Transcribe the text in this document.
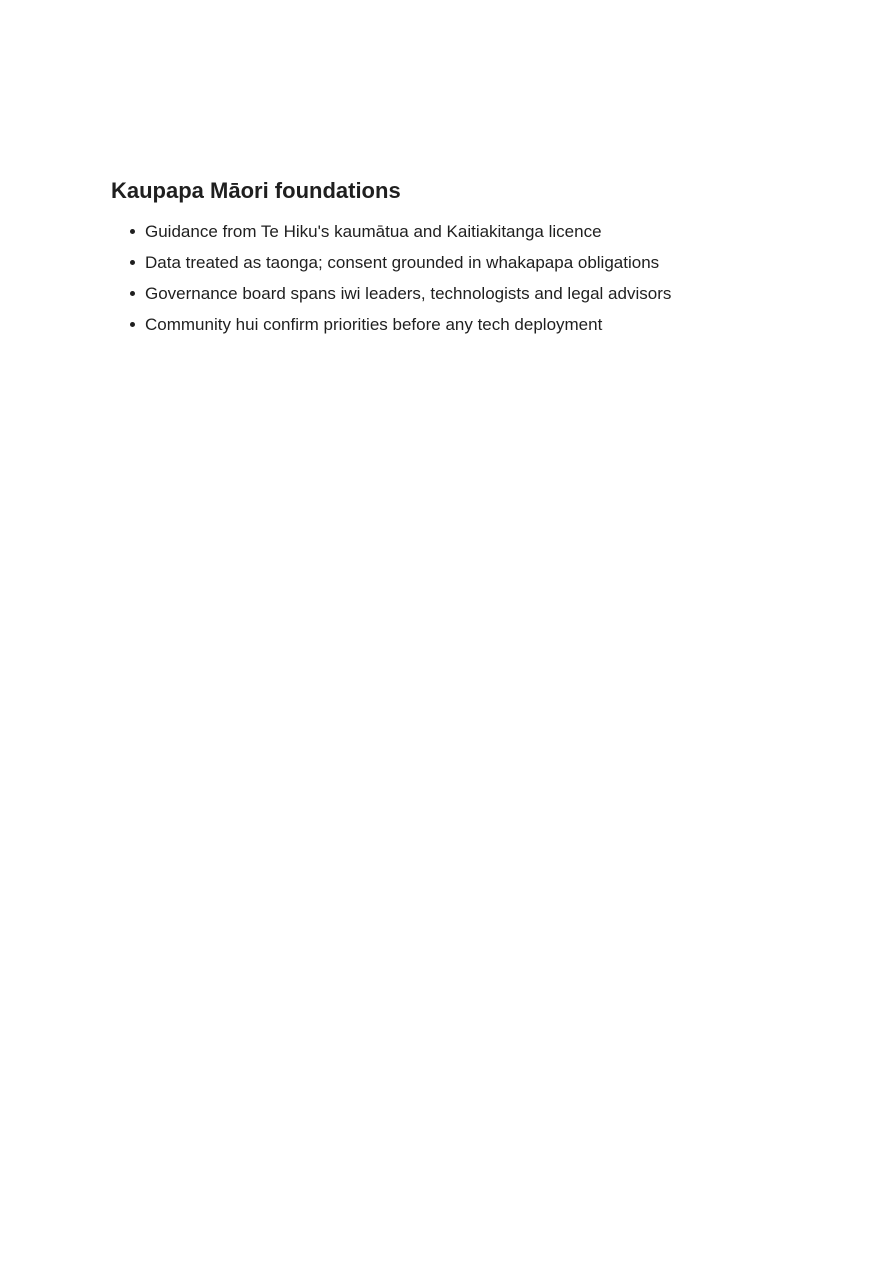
Kaupapa Māori foundations
Guidance from Te Hiku's kaumātua and Kaitiakitanga licence
Data treated as taonga; consent grounded in whakapapa obligations
Governance board spans iwi leaders, technologists and legal advisors
Community hui confirm priorities before any tech deployment
